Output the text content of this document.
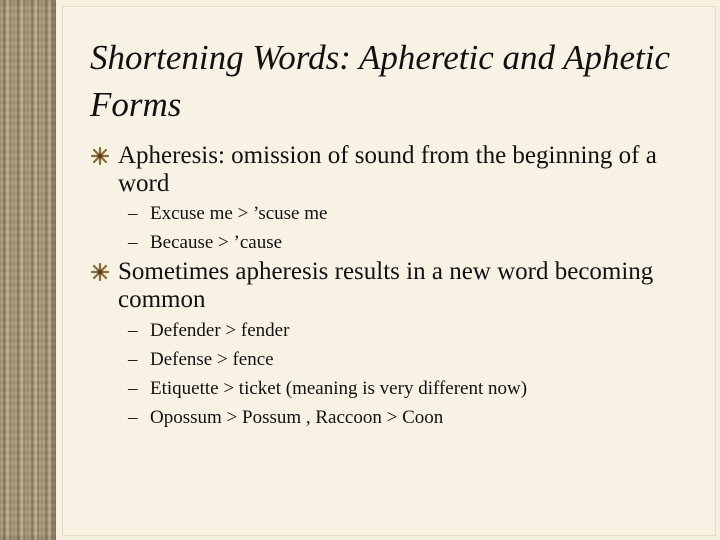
Shortening Words: Apheretic and Aphetic Forms
Apheresis: omission of sound from the beginning of a word
– Excuse me > ’scuse me
– Because > ’cause
Sometimes apheresis results in a new word becoming common
– Defender > fender
– Defense > fence
– Etiquette > ticket (meaning is very different now)
– Opossum > Possum , Raccoon > Coon
